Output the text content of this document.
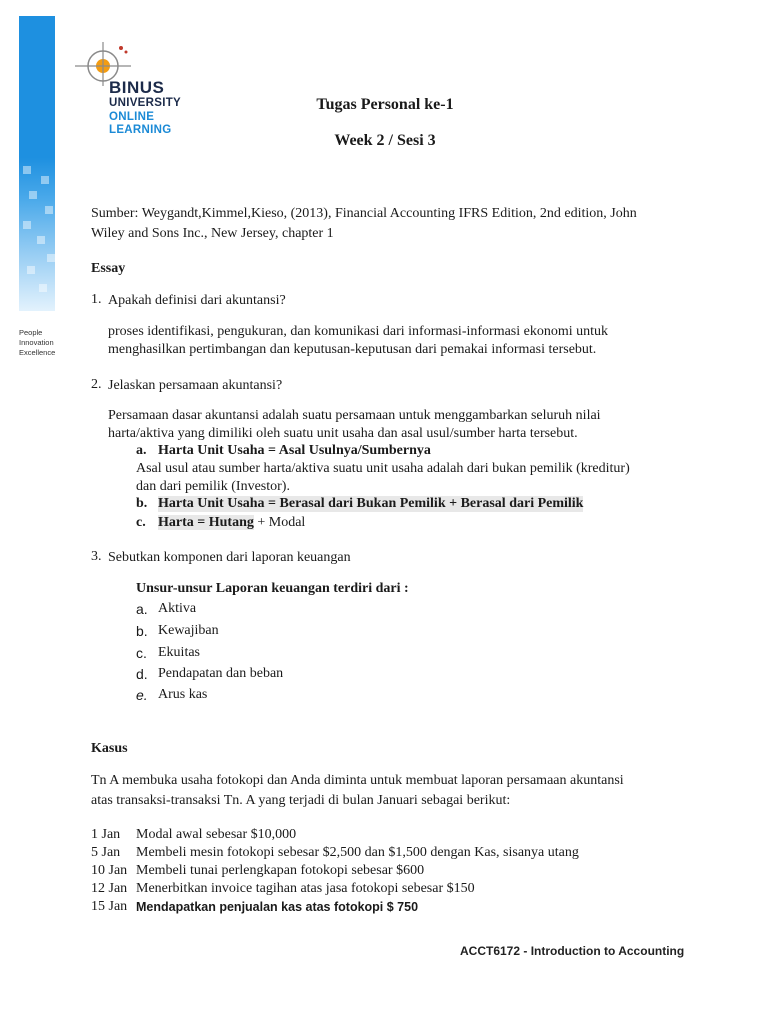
People
Innovation
Excellence
BINUS
UNIVERSITY
ONLINE
LEARNING
Tugas Personal ke-1
Week 2 / Sesi 3
Sumber: Weygandt,Kimmel,Kieso, (2013), Financial Accounting IFRS Edition, 2nd edition, John
Wiley and Sons Inc., New Jersey, chapter 1
Essay
1. Apakah definisi dari akuntansi?
proses identifikasi, pengukuran, dan komunikasi dari informasi-informasi ekonomi untuk
menghasilkan pertimbangan dan keputusan-keputusan dari pemakai informasi tersebut.
2. Jelaskan persamaan akuntansi?
Persamaan dasar akuntansi adalah suatu persamaan untuk menggambarkan seluruh nilai
harta/aktiva yang dimiliki oleh suatu unit usaha dan asal usul/sumber harta tersebut.
a. Harta Unit Usaha = Asal Usulnya/Sumbernya
Asal usul atau sumber harta/aktiva suatu unit usaha adalah dari bukan pemilik (kreditur)
dan dari pemilik (Investor).
b. Harta Unit Usaha = Berasal dari Bukan Pemilik + Berasal dari Pemilik
c. Harta = Hutang + Modal
3. Sebutkan komponen dari laporan keuangan
Unsur-unsur Laporan keuangan terdiri dari :
a. Aktiva
b. Kewajiban
c. Ekuitas
d. Pendapatan dan beban
e. Arus kas
Kasus
Tn A membuka usaha fotokopi dan Anda diminta untuk membuat laporan persamaan akuntansi
atas transaksi-transaksi Tn. A yang terjadi di bulan Januari sebagai berikut:
1 Jan Modal awal sebesar $10,000
5 Jan Membeli mesin fotokopi sebesar $2,500 dan $1,500 dengan Kas, sisanya utang
10 Jan Membeli tunai perlengkapan fotokopi sebesar $600
12 Jan Menerbitkan invoice tagihan atas jasa fotokopi sebesar $150
15 Jan Mendapatkan penjualan kas atas fotokopi $ 750
ACCT6172 - Introduction to Accounting
